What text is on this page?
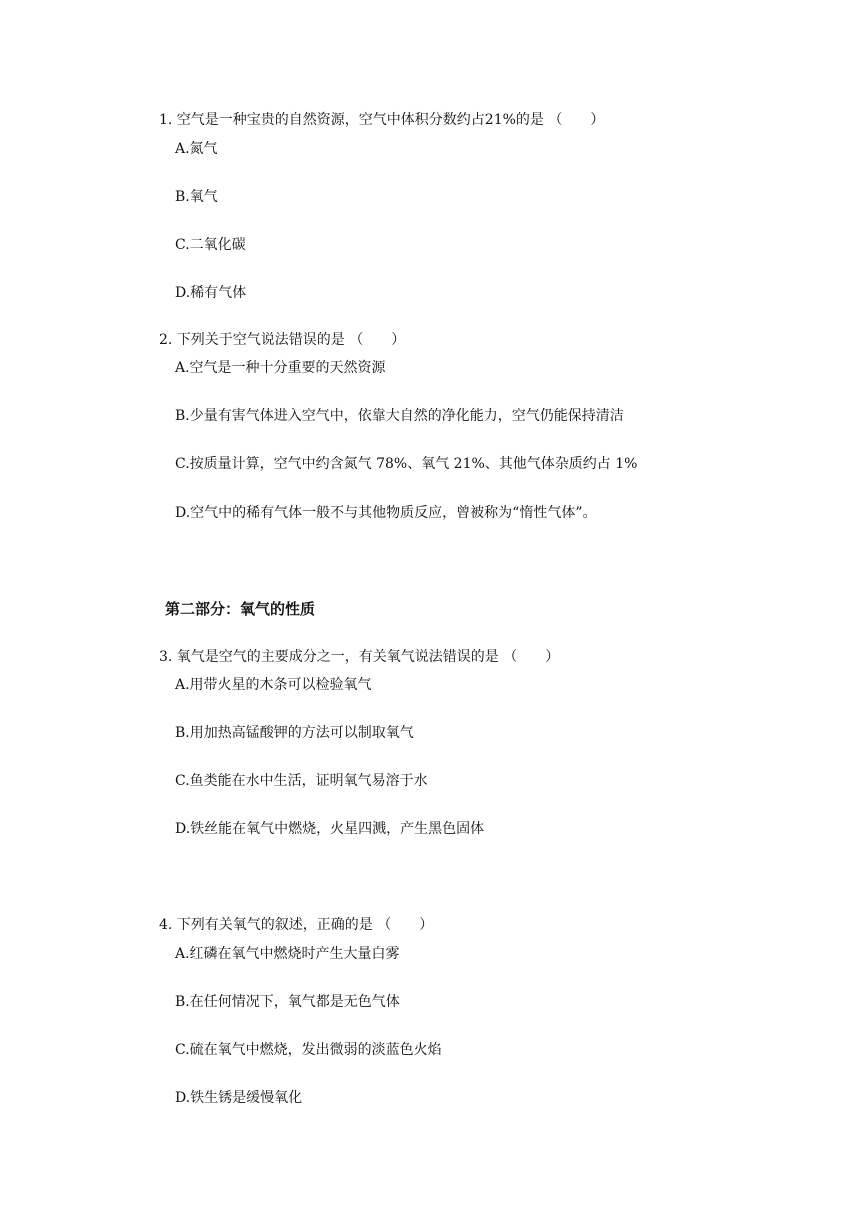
1. 空气是一种宝贵的自然资源，空气中体积分数约占21%的是 （　　）
A.氮气
B.氧气
C.二氧化碳
D.稀有气体
2. 下列关于空气说法错误的是 （　　）
A.空气是一种十分重要的天然资源
B.少量有害气体进入空气中，依靠大自然的净化能力，空气仍能保持清洁
C.按质量计算，空气中约含氮气 78%、氧气 21%、其他气体杂质约占 1%
D.空气中的稀有气体一般不与其他物质反应，曾被称为“惰性气体”。
第二部分：氧气的性质
3. 氧气是空气的主要成分之一，有关氧气说法错误的是 （　　）
A.用带火星的木条可以检验氧气
B.用加热高锰酸钾的方法可以制取氧气
C.鱼类能在水中生活，证明氧气易溶于水
D.铁丝能在氧气中燃烧，火星四溅，产生黑色固体
4. 下列有关氧气的叙述，正确的是 （　　）
A.红磷在氧气中燃烧时产生大量白雾
B.在任何情况下，氧气都是无色气体
C.硫在氧气中燃烧，发出微弱的淡蓝色火焰
D.铁生锈是缓慢氧化
